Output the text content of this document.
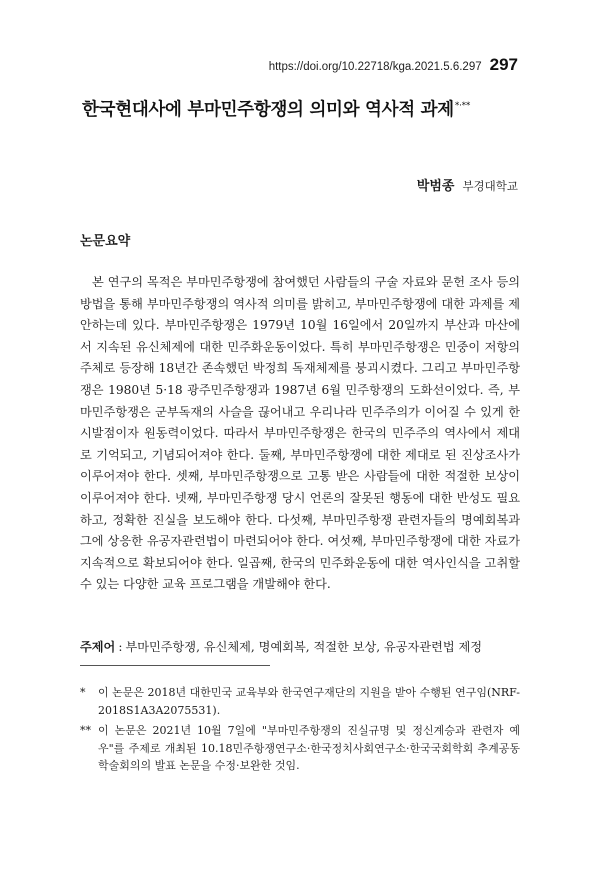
https://doi.org/10.22718/kga.2021.5.6.297 297
한국현대사에 부마민주항쟁의 의미와 역사적 과제*·**
박범종 부경대학교
논문요약

본 연구의 목적은 부마민주항쟁에 참여했던 사람들의 구술 자료와 문헌 조사 등의 방법을 통해 부마민주항쟁의 역사적 의미를 밝히고, 부마민주항쟁에 대한 과제를 제안하는데 있다. 부마민주항쟁은 1979년 10월 16일에서 20일까지 부산과 마산에서 지속된 유신체제에 대한 민주화운동이었다. 특히 부마민주항쟁은 민중이 저항의 주체로 등장해 18년간 존속했던 박정희 독재체제를 붕괴시켰다. 그리고 부마민주항쟁은 1980년 5·18 광주민주항쟁과 1987년 6월 민주항쟁의 도화선이었다. 즉, 부마민주항쟁은 군부독재의 사슬을 끊어내고 우리나라 민주주의가 이어질 수 있게 한 시발점이자 원동력이었다. 따라서 부마민주항쟁은 한국의 민주주의 역사에서 제대로 기억되고, 기념되어져야 한다. 둘째, 부마민주항쟁에 대한 제대로 된 진상조사가 이루어져야 한다. 셋째, 부마민주항쟁으로 고통 받은 사람들에 대한 적절한 보상이 이루어져야 한다. 넷째, 부마민주항쟁 당시 언론의 잘못된 행동에 대한 반성도 필요하고, 정확한 진실을 보도해야 한다. 다섯째, 부마민주항쟁 관련자들의 명예회복과 그에 상응한 유공자관련법이 마련되어야 한다. 여섯째, 부마민주항쟁에 대한 자료가 지속적으로 확보되어야 한다. 일곱째, 한국의 민주화운동에 대한 역사인식을 고취할 수 있는 다양한 교육 프로그램을 개발해야 한다.

주제어 : 부마민주항쟁, 유신체제, 명예회복, 적절한 보상, 유공자관련법 제정
*	이 논문은 2018년 대한민국 교육부와 한국연구재단의 지원을 받아 수행된 연구임(NRF-2018S1A3A2075531).
** 이 논문은 2021년 10월 7일에 "부마민주항쟁의 진실규명 및 정신계승과 관련자 예우"를 주제로 개최된 10.18민주항쟁연구소·한국정치사회연구소·한국국회학회 추계공동학술회의의 발표 논문을 수정·보완한 것임.
